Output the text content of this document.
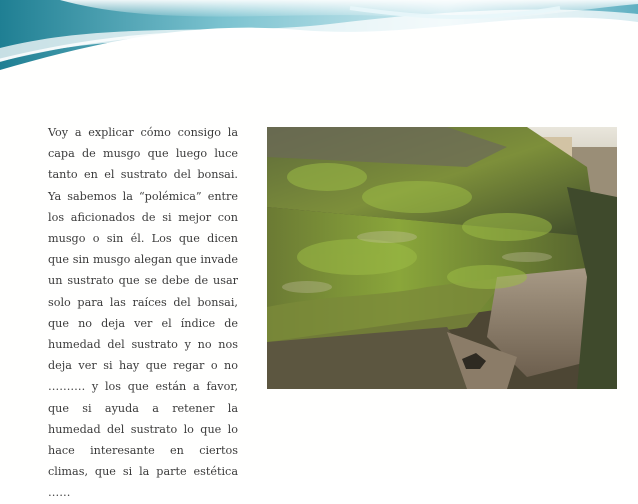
Voy a explicar cómo consigo la capa de musgo que luego luce tanto en el sustrato del bonsai. Ya sabemos la “polémica” entre los aficionados de si mejor con musgo o sin él. Los que dicen que sin musgo alegan que invade un sustrato que se debe de usar solo para las raíces del bonsai, que no deja ver el índice de humedad del sustrato y no nos deja ver si hay que regar o no ………. y los que están a favor, que si ayuda a retener la humedad del sustrato lo que lo hace interesante en ciertos climas, que si la parte estética ……
